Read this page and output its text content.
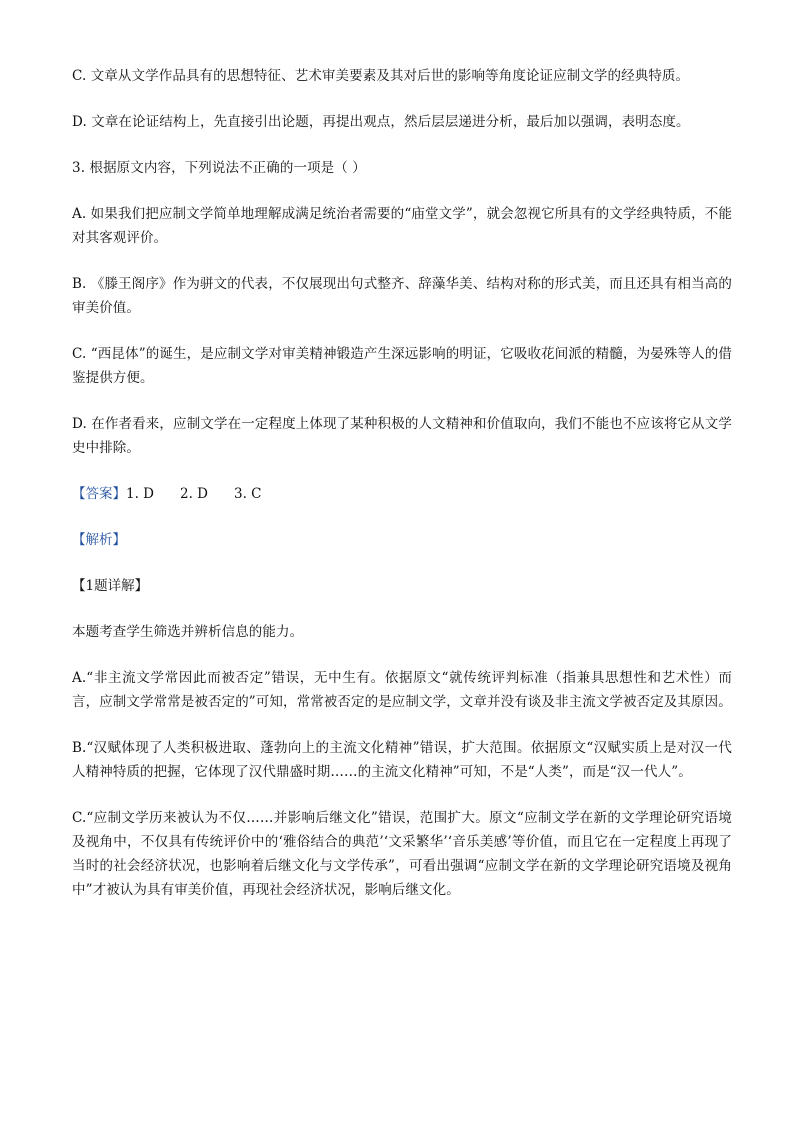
C. 文章从文学作品具有的思想特征、艺术审美要素及其对后世的影响等角度论证应制文学的经典特质。

D. 文章在论证结构上，先直接引出论题，再提出观点，然后层层递进分析，最后加以强调，表明态度。

3. 根据原文内容，下列说法不正确的一项是（ ）

A. 如果我们把应制文学简单地理解成满足统治者需要的“庙堂文学”，就会忽视它所具有的文学经典特质，不能对其客观评价。

B. 《滕王阁序》作为骈文的代表，不仅展现出句式整齐、辞藻华美、结构对称的形式美，而且还具有相当高的审美价值。

C. “西昆体”的诞生，是应制文学对审美精神锻造产生深远影响的明证，它吸收花间派的精髓，为晏殊等人的借鉴提供方便。

D. 在作者看来，应制文学在一定程度上体现了某种积极的人文精神和价值取向，我们不能也不应该将它从文学史中排除。

【答案】1. D 2. D 3. C
【解析】
【1题详解】

本题考查学生筛选并辨析信息的能力。

A.“非主流文学常因此而被否定”错误，无中生有。依据原文“就传统评判标准（指兼具思想性和艺术性）而言，应制文学常常是被否定的”可知，常常被否定的是应制文学，文章并没有谈及非主流文学被否定及其原因。

B.“汉赋体现了人类积极进取、蓬勃向上的主流文化精神”错误，扩大范围。依据原文“汉赋实质上是对汉一代人精神特质的把握，它体现了汉代鼎盛时期……的主流文化精神”可知，不是“人类”，而是“汉一代人”。

C.“应制文学历来被认为不仅……并影响后继文化”错误，范围扩大。原文“应制文学在新的文学理论研究语境及视角中，不仅具有传统评价中的‘雅俗结合的典范’‘文采繁华’‘音乐美感’等价值，而且它在一定程度上再现了当时的社会经济状况，也影响着后继文化与文学传承”，可看出强调“应制文学在新的文学理论研究语境及视角中”才被认为具有审美价值，再现社会经济状况，影响后继文化。
